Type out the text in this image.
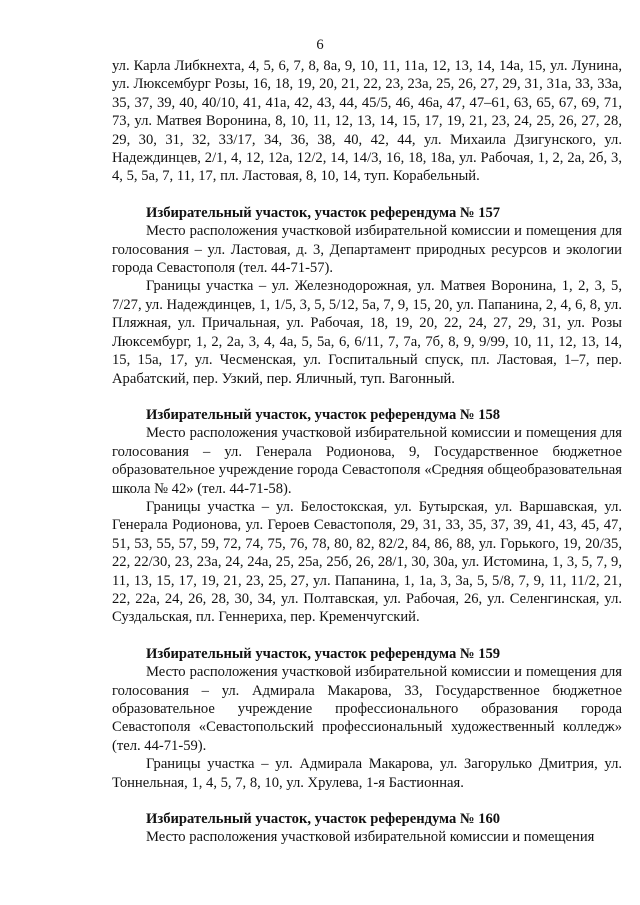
6

ул. Карла Либкнехта, 4, 5, 6, 7, 8, 8а, 9, 10, 11, 11а, 12, 13, 14, 14а, 15, ул. Лунина, ул. Люксембург Розы, 16, 18, 19, 20, 21, 22, 23, 23а, 25, 26, 27, 29, 31, 31а, 33, 33а, 35, 37, 39, 40, 40/10, 41, 41а, 42, 43, 44, 45/5, 46, 46а, 47, 47–61, 63, 65, 67, 69, 71, 73, ул. Матвея Воронина, 8, 10, 11, 12, 13, 14, 15, 17, 19, 21, 23, 24, 25, 26, 27, 28, 29, 30, 31, 32, 33/17, 34, 36, 38, 40, 42, 44, ул. Михаила Дзигунского, ул. Надеждинцев, 2/1, 4, 12, 12а, 12/2, 14, 14/3, 16, 18, 18а, ул. Рабочая, 1, 2, 2а, 2б, 3, 4, 5, 5а, 7, 11, 17, пл. Ластовая, 8, 10, 14, туп. Корабельный.

Избирательный участок, участок референдума № 157

Место расположения участковой избирательной комиссии и помещения для голосования – ул. Ластовая, д. 3, Департамент природных ресурсов и экологии города Севастополя (тел. 44-71-57).

Границы участка – ул. Железнодорожная, ул. Матвея Воронина, 1, 2, 3, 5, 7/27, ул. Надеждинцев, 1, 1/5, 3, 5, 5/12, 5а, 7, 9, 15, 20, ул. Папанина, 2, 4, 6, 8, ул. Пляжная, ул. Причальная, ул. Рабочая, 18, 19, 20, 22, 24, 27, 29, 31, ул. Розы Люксембург, 1, 2, 2а, 3, 4, 4а, 5, 5а, 6, 6/11, 7, 7а, 7б, 8, 9, 9/99, 10, 11, 12, 13, 14, 15, 15а, 17, ул. Чесменская, ул. Госпитальный спуск, пл. Ластовая, 1–7, пер. Арабатский, пер. Узкий, пер. Яличный, туп. Вагонный.

Избирательный участок, участок референдума № 158

Место расположения участковой избирательной комиссии и помещения для голосования – ул. Генерала Родионова, 9, Государственное бюджетное образовательное учреждение города Севастополя «Средняя общеобразовательная школа № 42» (тел. 44-71-58).

Границы участка – ул. Белостокская, ул. Бутырская, ул. Варшавская, ул. Генерала Родионова, ул. Героев Севастополя, 29, 31, 33, 35, 37, 39, 41, 43, 45, 47, 51, 53, 55, 57, 59, 72, 74, 75, 76, 78, 80, 82, 82/2, 84, 86, 88, ул. Горького, 19, 20/35, 22, 22/30, 23, 23а, 24, 24а, 25, 25а, 25б, 26, 28/1, 30, 30а, ул. Истомина, 1, 3, 5, 7, 9, 11, 13, 15, 17, 19, 21, 23, 25, 27, ул. Папанина, 1, 1а, 3, 3а, 5, 5/8, 7, 9, 11, 11/2, 21, 22, 22а, 24, 26, 28, 30, 34, ул. Полтавская, ул. Рабочая, 26, ул. Селенгинская, ул. Суздальская, пл. Геннериха, пер. Кременчугский.

Избирательный участок, участок референдума № 159

Место расположения участковой избирательной комиссии и помещения для голосования – ул. Адмирала Макарова, 33, Государственное бюджетное образовательное учреждение профессионального образования города Севастополя «Севастопольский профессиональный художественный колледж» (тел. 44-71-59).

Границы участка – ул. Адмирала Макарова, ул. Загорулько Дмитрия, ул. Тоннельная, 1, 4, 5, 7, 8, 10, ул. Хрулева, 1-я Бастионная.

Избирательный участок, участок референдума № 160

Место расположения участковой избирательной комиссии и помещения
